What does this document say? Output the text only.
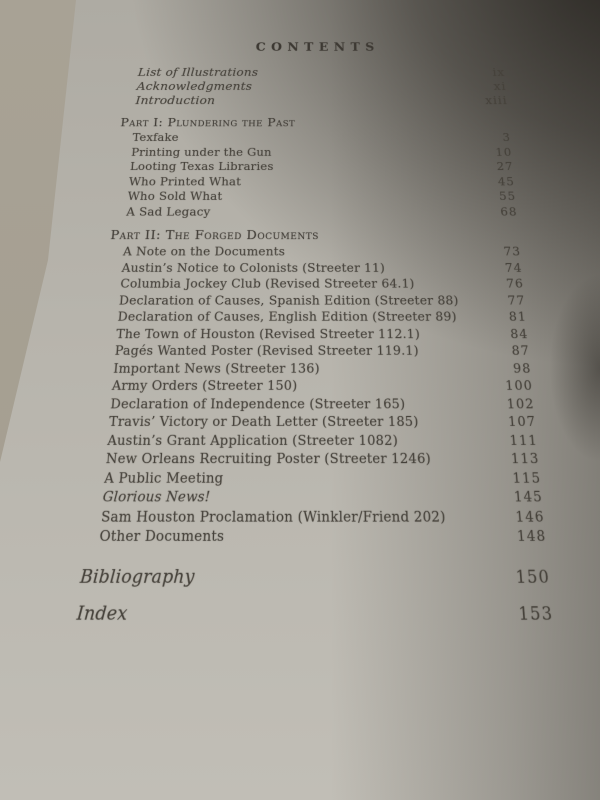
CONTENTS
List of Illustrations	ix
Acknowledgments	xi
Introduction	xiii
Part I: Plundering the Past
Texfake	3
Printing under the Gun	10
Looting Texas Libraries	27
Who Printed What	45
Who Sold What	55
A Sad Legacy	68
Part II: The Forged Documents
A Note on the Documents	73
Austin’s Notice to Colonists (Streeter 11)	74
Columbia Jockey Club (Revised Streeter 64.1)	76
Declaration of Causes, Spanish Edition (Streeter 88)	77
Declaration of Causes, English Edition (Streeter 89)	81
The Town of Houston (Revised Streeter 112.1)	84
Pagés Wanted Poster (Revised Streeter 119.1)	87
Important News (Streeter 136)	98
Army Orders (Streeter 150)	100
Declaration of Independence (Streeter 165)	102
Travis’ Victory or Death Letter (Streeter 185)	107
Austin’s Grant Application (Streeter 1082)	111
New Orleans Recruiting Poster (Streeter 1246)	113
A Public Meeting	115
Glorious News!	145
Sam Houston Proclamation (Winkler/Friend 202)	146
Other Documents	148
Bibliography	150
Index	153
